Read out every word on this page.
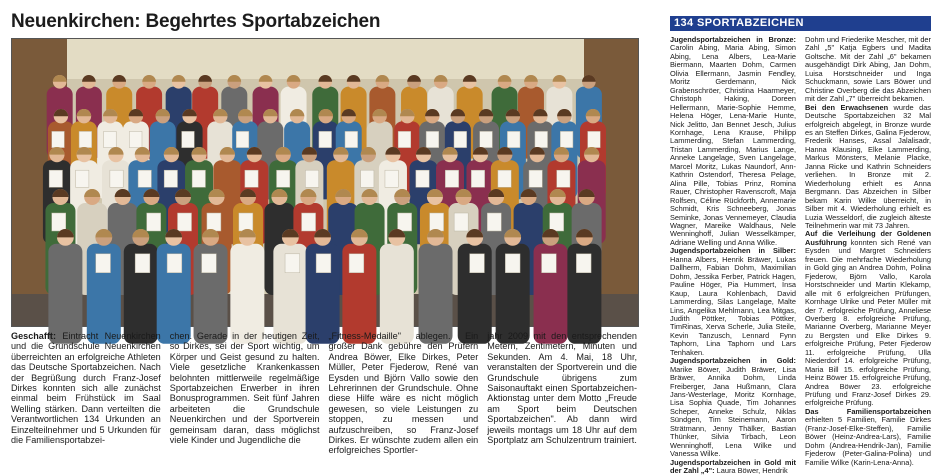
Neuenkirchen: Begehrtes Sportabzeichen
Geschafft: Eintracht Neuenkirchen und die Grundschule Neuenkirchen überreichten an erfolgreiche Athleten das Deutsche Sportabzeichen. Nach der Begrüßung durch Franz-Josef Dirkes konnten sich alle zunächst einmal beim Frühstück im Saal Welling stärken. Dann verteilten die Verantwortlichen 134 Urkunden an Einzelteilnehmer und 5 Urkunden für die Familiensportabzei-
chen. Gerade in der heutigen Zeit, so Dirkes, sei der Sport wichtig, um Körper und Geist gesund zu halten. Viele gesetzliche Krankenkassen belohnten mittlerweile regelmäßige Sportabzeichen Erwerber in ihren Bonusprogrammen. Seit fünf Jahren arbeiteten die Grundschule Neuenkirchen und der Sportverein gemeinsam daran, dass möglichst viele Kinder und Jugendliche die
„Fitness-Medaille" ablegen. Ein großer Dank gebühre den Prüfern Andrea Böwer, Elke Dirkes, Peter Müller, Peter Fjederow, René van Eysden und Björn Vallo sowie den Lehrerinnen der Grundschule. Ohne diese Hilfe wäre es nicht möglich gewesen, so viele Leistungen zu stoppen, zu messen und aufzuschreiben, so Franz-Josef Dirkes. Er wünschte zudem allen ein erfolgreiches Sportler-
jahr 2009 mit den entsprechenden Metern, Zentimetern, Minuten und Sekunden. Am 4. Mai, 18 Uhr, veranstalten der Sportverein und die Grundschule übrigens zum Saisonauftakt einen Sportabzeichen-Aktionstag unter dem Motto „Freude am Sport beim Deutschen Sportabzeichen". Ab dann wird jeweils montags um 18 Uhr auf dem Sportplatz am Schulzentrum trainiert.
134 SPORTABZEICHEN

Jugendsportabzeichen in Bronze: Carolin Abing, Maria Abing, Simon Abing, Lena Albers, Lea-Marie Biermann, Maarten Dohm, Carmen Olivia Ellermann, Jasmin Fendley, Moritz Gerdemann, Nick Grabenschröer, Christina Haarmeyer, Christoph Haking, Doreen Hellermann, Marie-Sophie Hemme, Helena Höger, Lena-Marie Hunte, Nick Jelitto, Jan Bennet Jesch, Julius Kornhage, Lena Krause, Philipp Lammerding, Stefan Lammerding, Tristan Lammerding, Marius Lange, Anneke Langelage, Sven Langelage, Marcel Moritz, Lukas Naundorf, Ann-Kathrin Ostendorf, Theresa Pelage, Alina Pille, Tobias Prinz, Romina Rauer, Christopher Ravenscroft, Maja Rolfsen, Céline Rückforth, Annemarie Schmidt, Kris Schneeberg, Jonas Seminke, Jonas Vennemeyer, Claudia Wagner, Mareike Waldhaus, Nele Wenninghoff, Julian Wesselkämper, Adriane Welling und Anna Wilke.

Jugendsportabzeichen in Silber: Hanna Albers, Henrik Bräwer, Lukas Dallherm, Fabian Dohm, Maximilian Dohm, Jessika Ferber, Patrick Hagen, Pauline Höger, Pia Hummert, Insa Kaup, Laura Kohlenbach, David Lammerding, Silas Langelage, Malte Lins, Angelika Mehlmann, Lea Mitgas, Judith Pöttker, Tobias Pöttker, TimRinas, Xerva Scherle, Julia Steile, Kevin Tanzusch, Lennard Fynn Taphorn, Lina Taphorn und Lars Tenhaken.

Jugendsportabzeichen in Gold: Marike Böwer, Judith Bräwer, Lisa Bräwer, Annika Dohm, Linda Freiberger, Jana Hußmann, Clara Jans-Westerlage, Moritz Kornhage, Lisa Sophia Quade, Tim Johannes Scheper, Anneke Schulz, Niklas Sündgen, Tim Steinemann, Aaron Strätmann, Jenny Thälker, Bastian Thünker, Silvia Tirbach, Leon Wenninghoff, Lena Wilke und Vanessa Wilke.

Jugendsportabzeichen in Gold mit der Zahl „4": Laura Böwer, Hendrik

Dohm und Friederike Mescher, mit der Zahl „5" Katja Egbers und Madita Goltsche. Mit der Zahl „6" bekamen ausgehändigt Dirk Abing, Jan Dohm, Luisa Horstschneider und Inga Schuckmann, sowie Lars Böwer und Christine Overberg die das Abzeichen mit der Zahl „7" überreicht bekamen.

Bei den Erwachsenen wurde das Deutsche Sportabzeichen 32 Mal erfolgreich abgelegt, in Bronze wurde es an Steffen Dirkes, Galina Fjederow, Frederik Hanses, Assal Jalalisadr, Hanna Klausing, Elke Lammerding, Markus Mönsters, Melanie Placke, Janna Ricke und Kathrin Schneiders verliehen. In Bronze mit 2. Wiederholung erhielt es Anna Bergmann. Das Abzeichen in Silber bekam Karin Wilke überreicht, in Silber mit 4. Wiederholung erhielt es Luzia Wesseldorf, die zugleich älteste Teilnehmerin war mit 73 Jahren.

Auf die Verleihung der Goldenen Ausführung konnten sich René van Eysden und Margret Schneiders freuen. Die mehrfache Wiederholung in Gold ging an Andrea Dohm, Polina Fjederow, Björn Vallo, Karola Horstschneider und Martin Klekamp, alle mit 6 erfolgreichen Prüfungen, Kornhage Ulrike und Peter Müller mit der 7. erfolgreiche Prüfung, Anneliese Overberg 8. erfolgreiche Prüfung, Marianne Overberg, Marianne Meyer zu Bergsten und Elke Dirkes 9. erfolgreiche Prüfung, Peter Fjederow 11. erfolgreiche Prüfung, Ulla Niederdorf 14. erfolgreiche Prüfung, Maria Bill 15. erfolgreiche Prüfung, Heinz Böwer 15. erfolgreiche Prüfung, Andrea Böwer 23. erfolgreiche Prüfung und Franz-Josef Dirkes 29. erfolgreiche Prüfung.

Das Familiensportabzeichen erhielten 5 Familien, Familie Dirkes (Franz-Josef-Elke-Steffen), Familie Böwer (Heinz-Andrea-Lars), Familie Dohm (Andrea-Hendrik-Jan), Familie Fjederow (Peter-Galina-Polina) und Familie Wilke (Karin-Lena-Anna).
